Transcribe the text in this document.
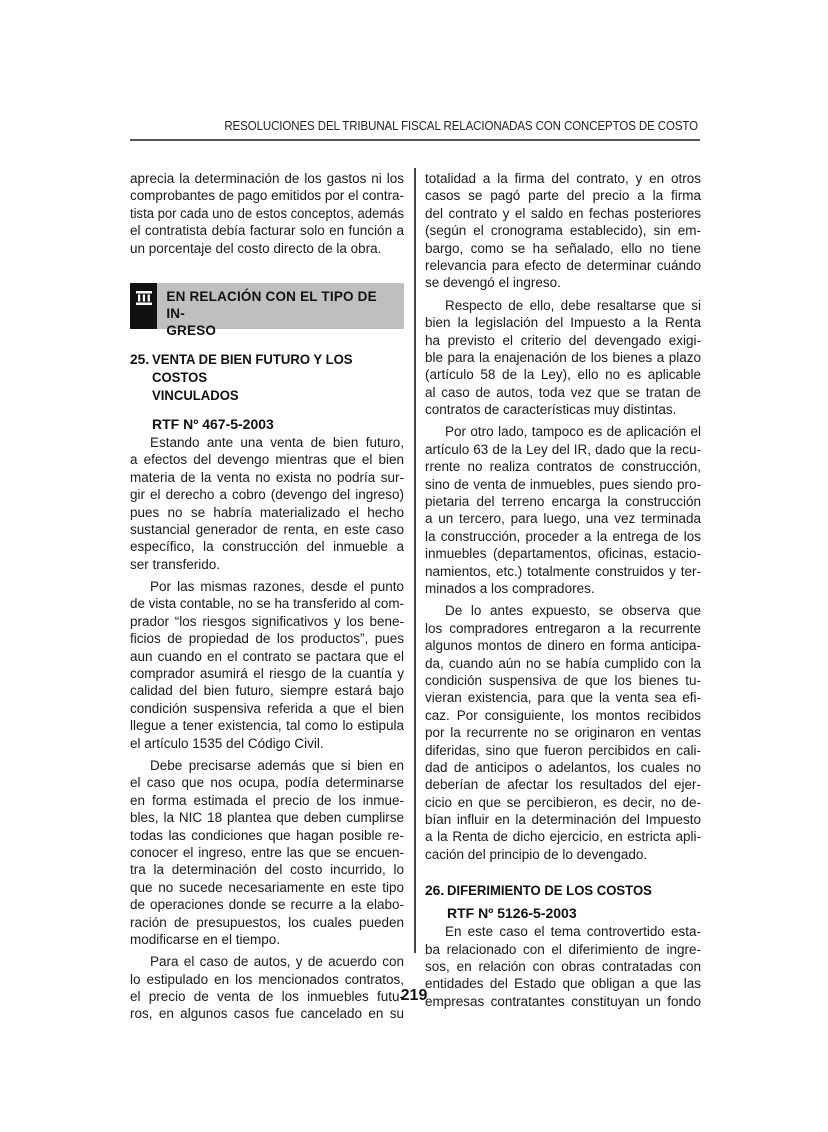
RESOLUCIONES DEL TRIBUNAL FISCAL RELACIONADAS CON CONCEPTOS DE COSTO
aprecia la determinación de los gastos ni los
comprobantes de pago emitidos por el contra-
tista por cada uno de estos conceptos, además
el contratista debía facturar solo en función a
un porcentaje del costo directo de la obra.
EN RELACIÓN CON EL TIPO DE IN-
GRESO
25. VENTA DE BIEN FUTURO Y LOS COSTOS
VINCULADOS
RTF Nº 467-5-2003
Estando ante una venta de bien futuro,
a efectos del devengo mientras que el bien
materia de la venta no exista no podría sur-
gir el derecho a cobro (devengo del ingreso)
pues no se habría materializado el hecho
sustancial generador de renta, en este caso
específico, la construcción del inmueble a
ser transferido.
Por las mismas razones, desde el punto
de vista contable, no se ha transferido al com-
prador “los riesgos significativos y los bene-
ficios de propiedad de los productos”, pues
aun cuando en el contrato se pactara que el
comprador asumirá el riesgo de la cuantía y
calidad del bien futuro, siempre estará bajo
condición suspensiva referida a que el bien
llegue a tener existencia, tal como lo estipula
el artículo 1535 del Código Civil.
Debe precisarse además que si bien en
el caso que nos ocupa, podía determinarse
en forma estimada el precio de los inmue-
bles, la NIC 18 plantea que deben cumplirse
todas las condiciones que hagan posible re-
conocer el ingreso, entre las que se encuen-
tra la determinación del costo incurrido, lo
que no sucede necesariamente en este tipo
de operaciones donde se recurre a la elabo-
ración de presupuestos, los cuales pueden
modificarse en el tiempo.
Para el caso de autos, y de acuerdo con
lo estipulado en los mencionados contratos,
el precio de venta de los inmuebles futu-
ros, en algunos casos fue cancelado en su
totalidad a la firma del contrato, y en otros
casos se pagó parte del precio a la firma
del contrato y el saldo en fechas posteriores
(según el cronograma establecido), sin em-
bargo, como se ha señalado, ello no tiene
relevancia para efecto de determinar cuándo
se devengó el ingreso.
Respecto de ello, debe resaltarse que si
bien la legislación del Impuesto a la Renta
ha previsto el criterio del devengado exigi-
ble para la enajenación de los bienes a plazo
(artículo 58 de la Ley), ello no es aplicable
al caso de autos, toda vez que se tratan de
contratos de características muy distintas.
Por otro lado, tampoco es de aplicación el
artículo 63 de la Ley del IR, dado que la recu-
rrente no realiza contratos de construcción,
sino de venta de inmuebles, pues siendo pro-
pietaria del terreno encarga la construcción
a un tercero, para luego, una vez terminada
la construcción, proceder a la entrega de los
inmuebles (departamentos, oficinas, estacio-
namientos, etc.) totalmente construidos y ter-
minados a los compradores.
De lo antes expuesto, se observa que
los compradores entregaron a la recurrente
algunos montos de dinero en forma anticipa-
da, cuando aún no se había cumplido con la
condición suspensiva de que los bienes tu-
vieran existencia, para que la venta sea efi-
caz. Por consiguiente, los montos recibidos
por la recurrente no se originaron en ventas
diferidas, sino que fueron percibidos en cali-
dad de anticipos o adelantos, los cuales no
deberían de afectar los resultados del ejer-
cicio en que se percibieron, es decir, no de-
bían influir en la determinación del Impuesto
a la Renta de dicho ejercicio, en estricta apli-
cación del principio de lo devengado.
26. DIFERIMIENTO DE LOS COSTOS
RTF Nº 5126-5-2003
En este caso el tema controvertido esta-
ba relacionado con el diferimiento de ingre-
sos, en relación con obras contratadas con
entidades del Estado que obligan a que las
empresas contratantes constituyan un fondo
219
